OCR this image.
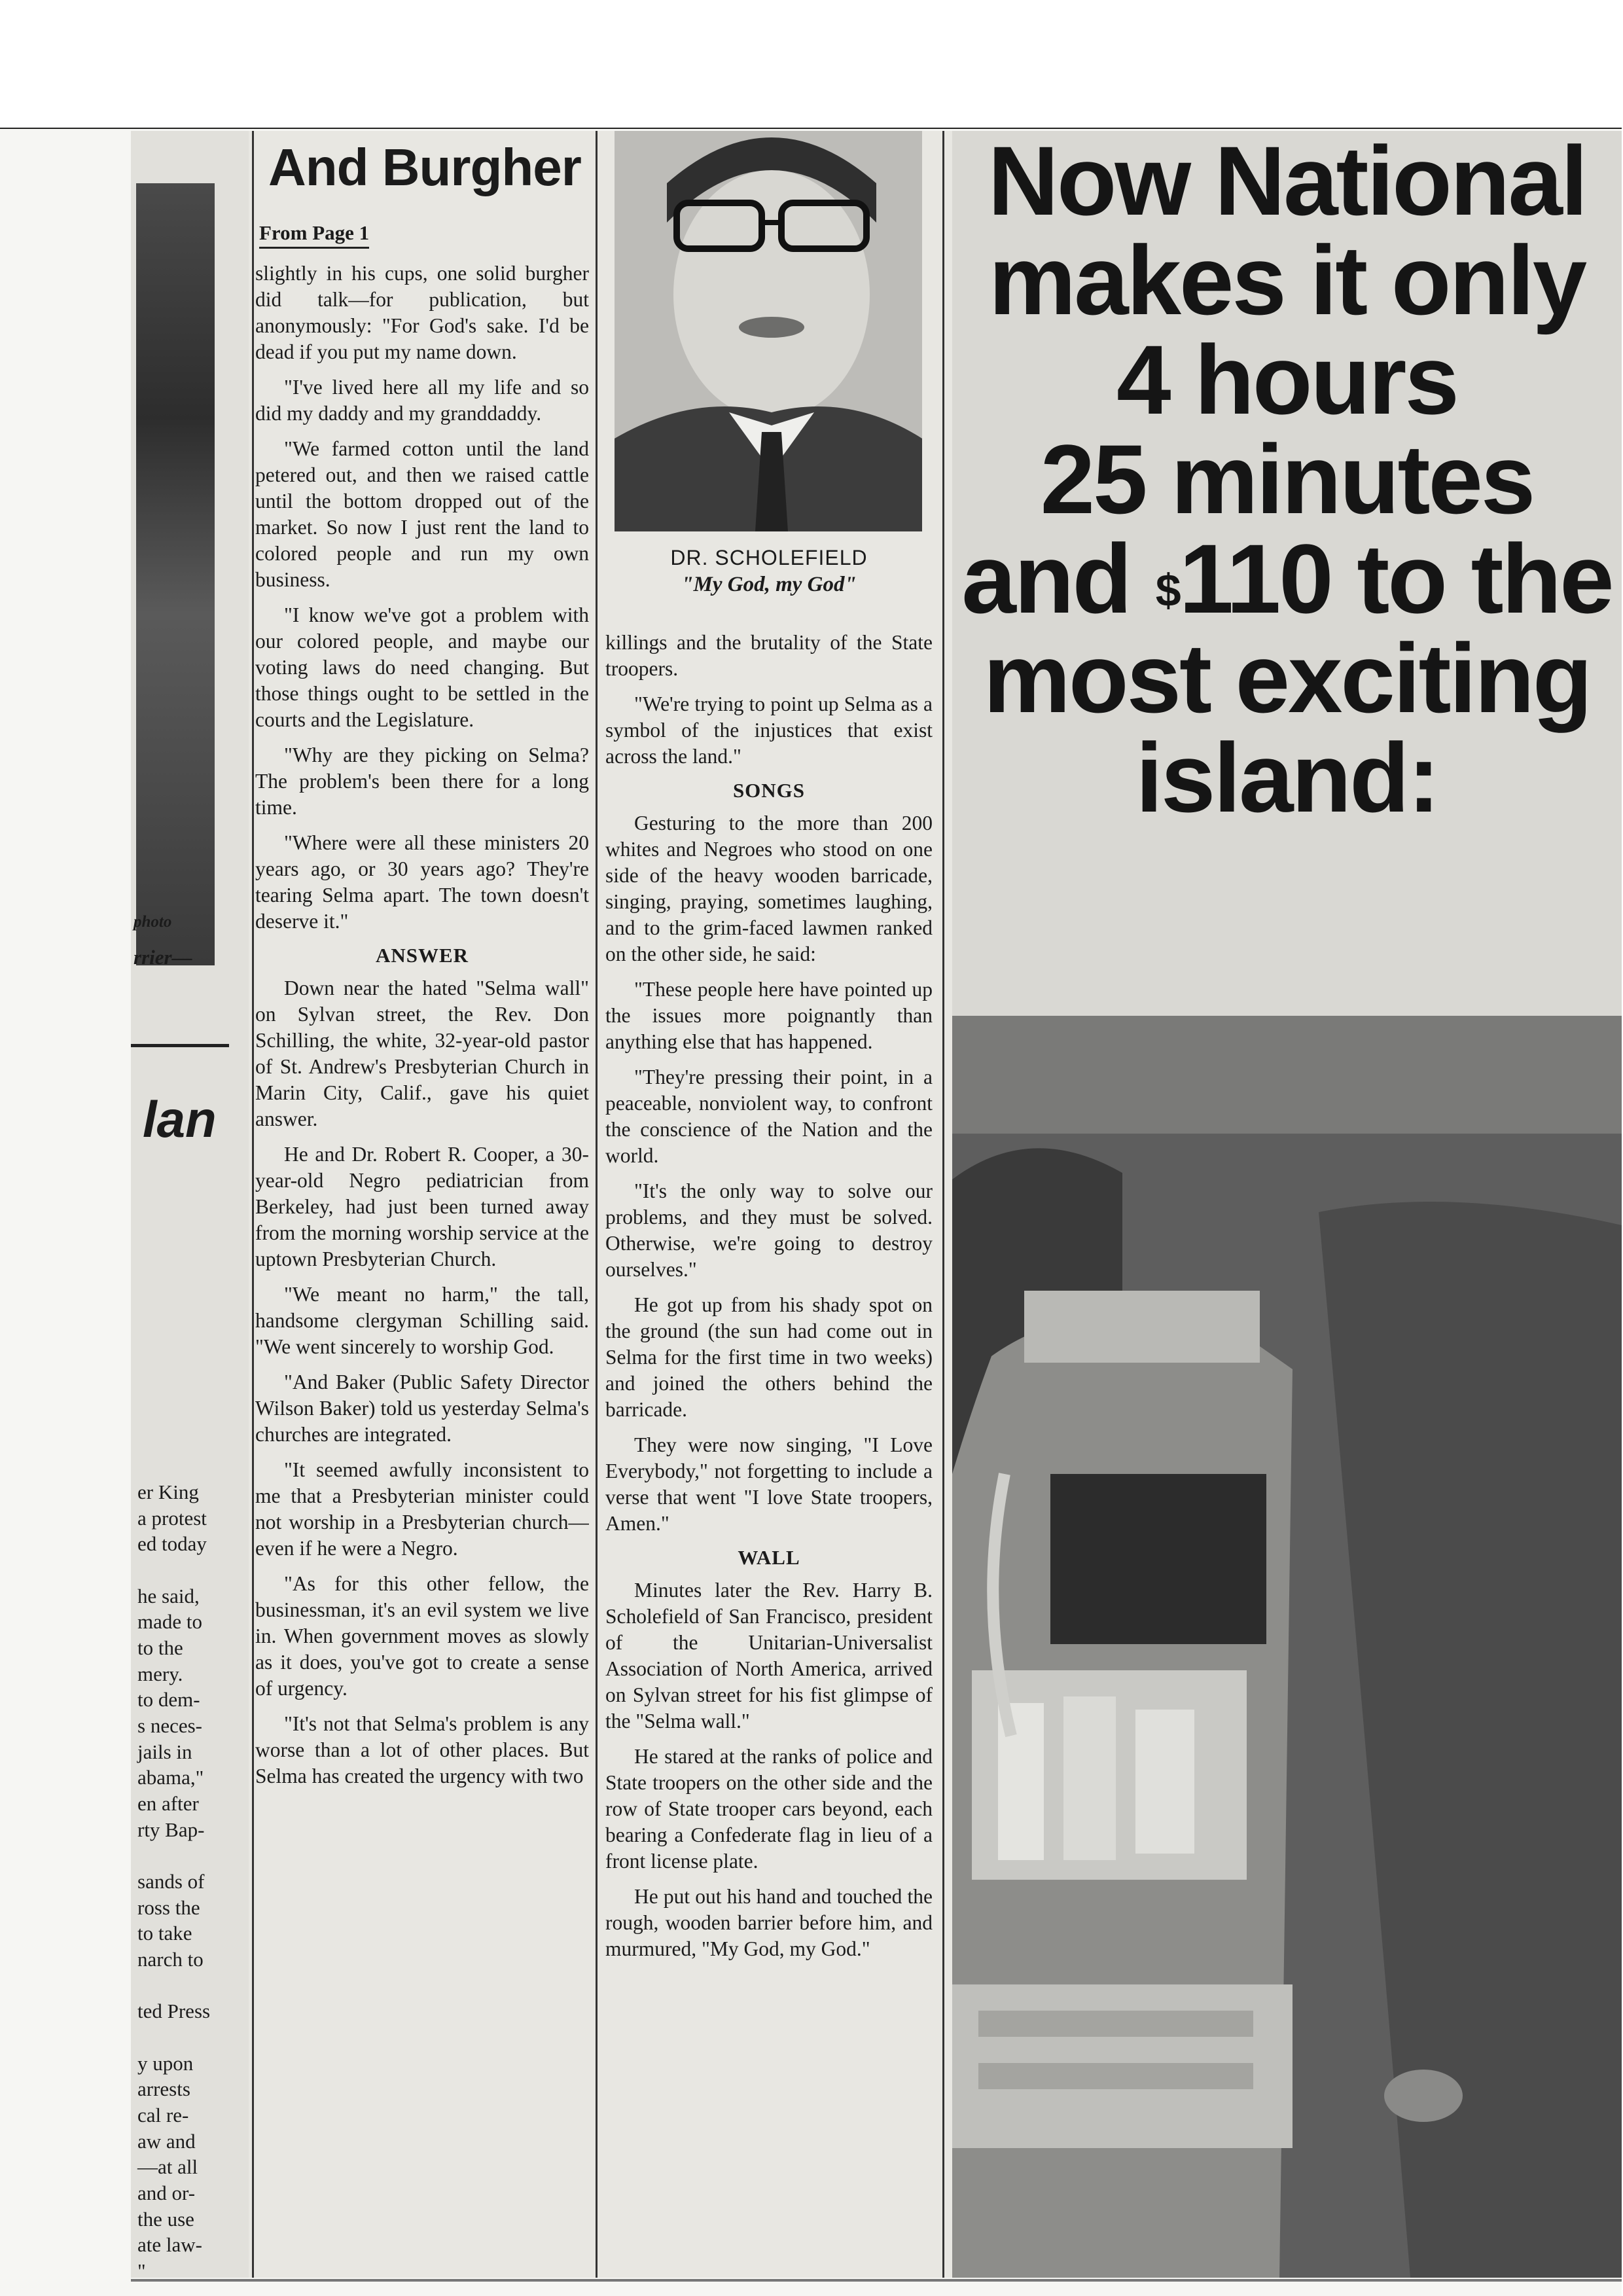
photo
rrier—
lan
er King
a protest
ed today

he said,
made to
to the
mery.
to dem-
s neces-
jails in
abama,"
en after
rty Bap-

sands of
ross the
to take
narch to

ted Press

y upon
arrests
cal re-
aw and
—at all
and or-
the use
ate law-
"
And Burgher
From Page 1

slightly in his cups, one solid burgher did talk—for publication, but anonymously: "For God's sake. I'd be dead if you put my name down.

"I've lived here all my life and so did my daddy and my granddaddy.

"We farmed cotton until the land petered out, and then we raised cattle until the bottom dropped out of the market. So now I just rent the land to colored people and run my own business.

"I know we've got a problem with our colored people, and maybe our voting laws do need changing. But those things ought to be settled in the courts and the Legislature.

"Why are they picking on Selma? The problem's been there for a long time.

"Where were all these ministers 20 years ago, or 30 years ago? They're tearing Selma apart. The town doesn't deserve it."

ANSWER

Down near the hated "Selma wall" on Sylvan street, the Rev. Don Schilling, the white, 32-year-old pastor of St. Andrew's Presbyterian Church in Marin City, Calif., gave his quiet answer.

He and Dr. Robert R. Cooper, a 30-year-old Negro pediatrician from Berkeley, had just been turned away from the morning worship service at the uptown Presbyterian Church.

"We meant no harm," the tall, handsome clergyman Schilling said. "We went sincerely to worship God.

"And Baker (Public Safety Director Wilson Baker) told us yesterday Selma's churches are integrated.

"It seemed awfully inconsistent to me that a Presbyterian minister could not worship in a Presbyterian church—even if he were a Negro.

"As for this other fellow, the businessman, it's an evil system we live in. When government moves as slowly as it does, you've got to create a sense of urgency.

"It's not that Selma's problem is any worse than a lot of other places. But Selma has created the urgency with two

DR. SCHOLEFIELD
"My God, my God"

killings and the brutality of the State troopers.

"We're trying to point up Selma as a symbol of the injustices that exist across the land."

SONGS

Gesturing to the more than 200 whites and Negroes who stood on one side of the heavy wooden barricade, singing, praying, sometimes laughing, and to the grim-faced lawmen ranked on the other side, he said:

"These people here have pointed up the issues more poignantly than anything else that has happened.

"They're pressing their point, in a peaceable, nonviolent way, to confront the conscience of the Nation and the world.

"It's the only way to solve our problems, and they must be solved. Otherwise, we're going to destroy ourselves."

He got up from his shady spot on the ground (the sun had come out in Selma for the first time in two weeks) and joined the others behind the barricade.

They were now singing, "I Love Everybody," not forgetting to include a verse that went "I love State troopers, Amen."

WALL

Minutes later the Rev. Harry B. Scholefield of San Francisco, president of the Unitarian-Universalist Association of North America, arrived on Sylvan street for his fist glimpse of the "Selma wall."

He stared at the ranks of police and State troopers on the other side and the row of State trooper cars beyond, each bearing a Confederate flag in lieu of a front license plate.

He put out his hand and touched the rough, wooden barrier before him, and murmured, "My God, my God."

Now National
makes it only
4 hours
25 minutes
and $110 to the
most exciting
island:
